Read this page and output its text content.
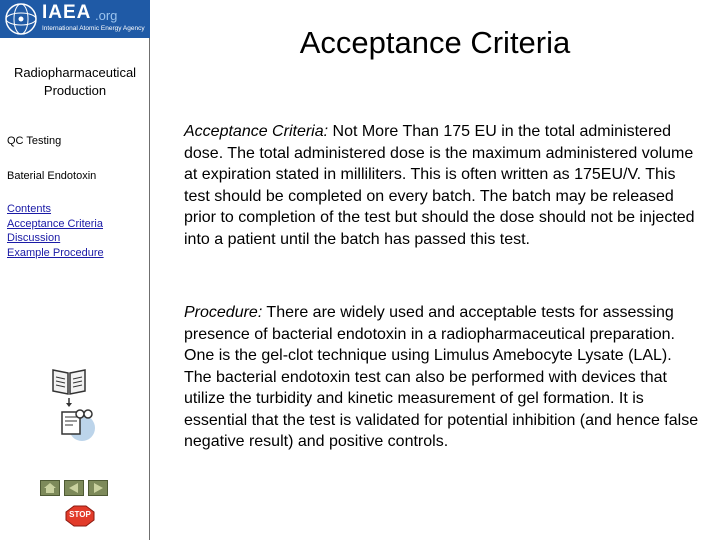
IAEA .org
International Atomic Energy Agency
Radiopharmaceutical Production
QC Testing
Baterial Endotoxin
Contents
Acceptance Criteria
Discussion
Example Procedure
STOP
Acceptance Criteria

Acceptance Criteria: Not More Than 175 EU in the total administered dose. The total administered dose is the maximum administered volume at expiration stated in milliliters. This is often written as 175EU/V. This test should be completed on every batch. The batch may be released prior to completion of the test but should the dose should not be injected into a patient until the batch has passed this test.

Procedure: There are widely used and acceptable tests for assessing presence of bacterial endotoxin in a radiopharmaceutical preparation. One is the gel-clot technique using Limulus Amebocyte Lysate (LAL). The bacterial endotoxin test can also be performed with devices that utilize the turbidity and kinetic measurement of gel formation. It is essential that the test is validated for potential inhibition (and hence false negative result) and positive controls.
